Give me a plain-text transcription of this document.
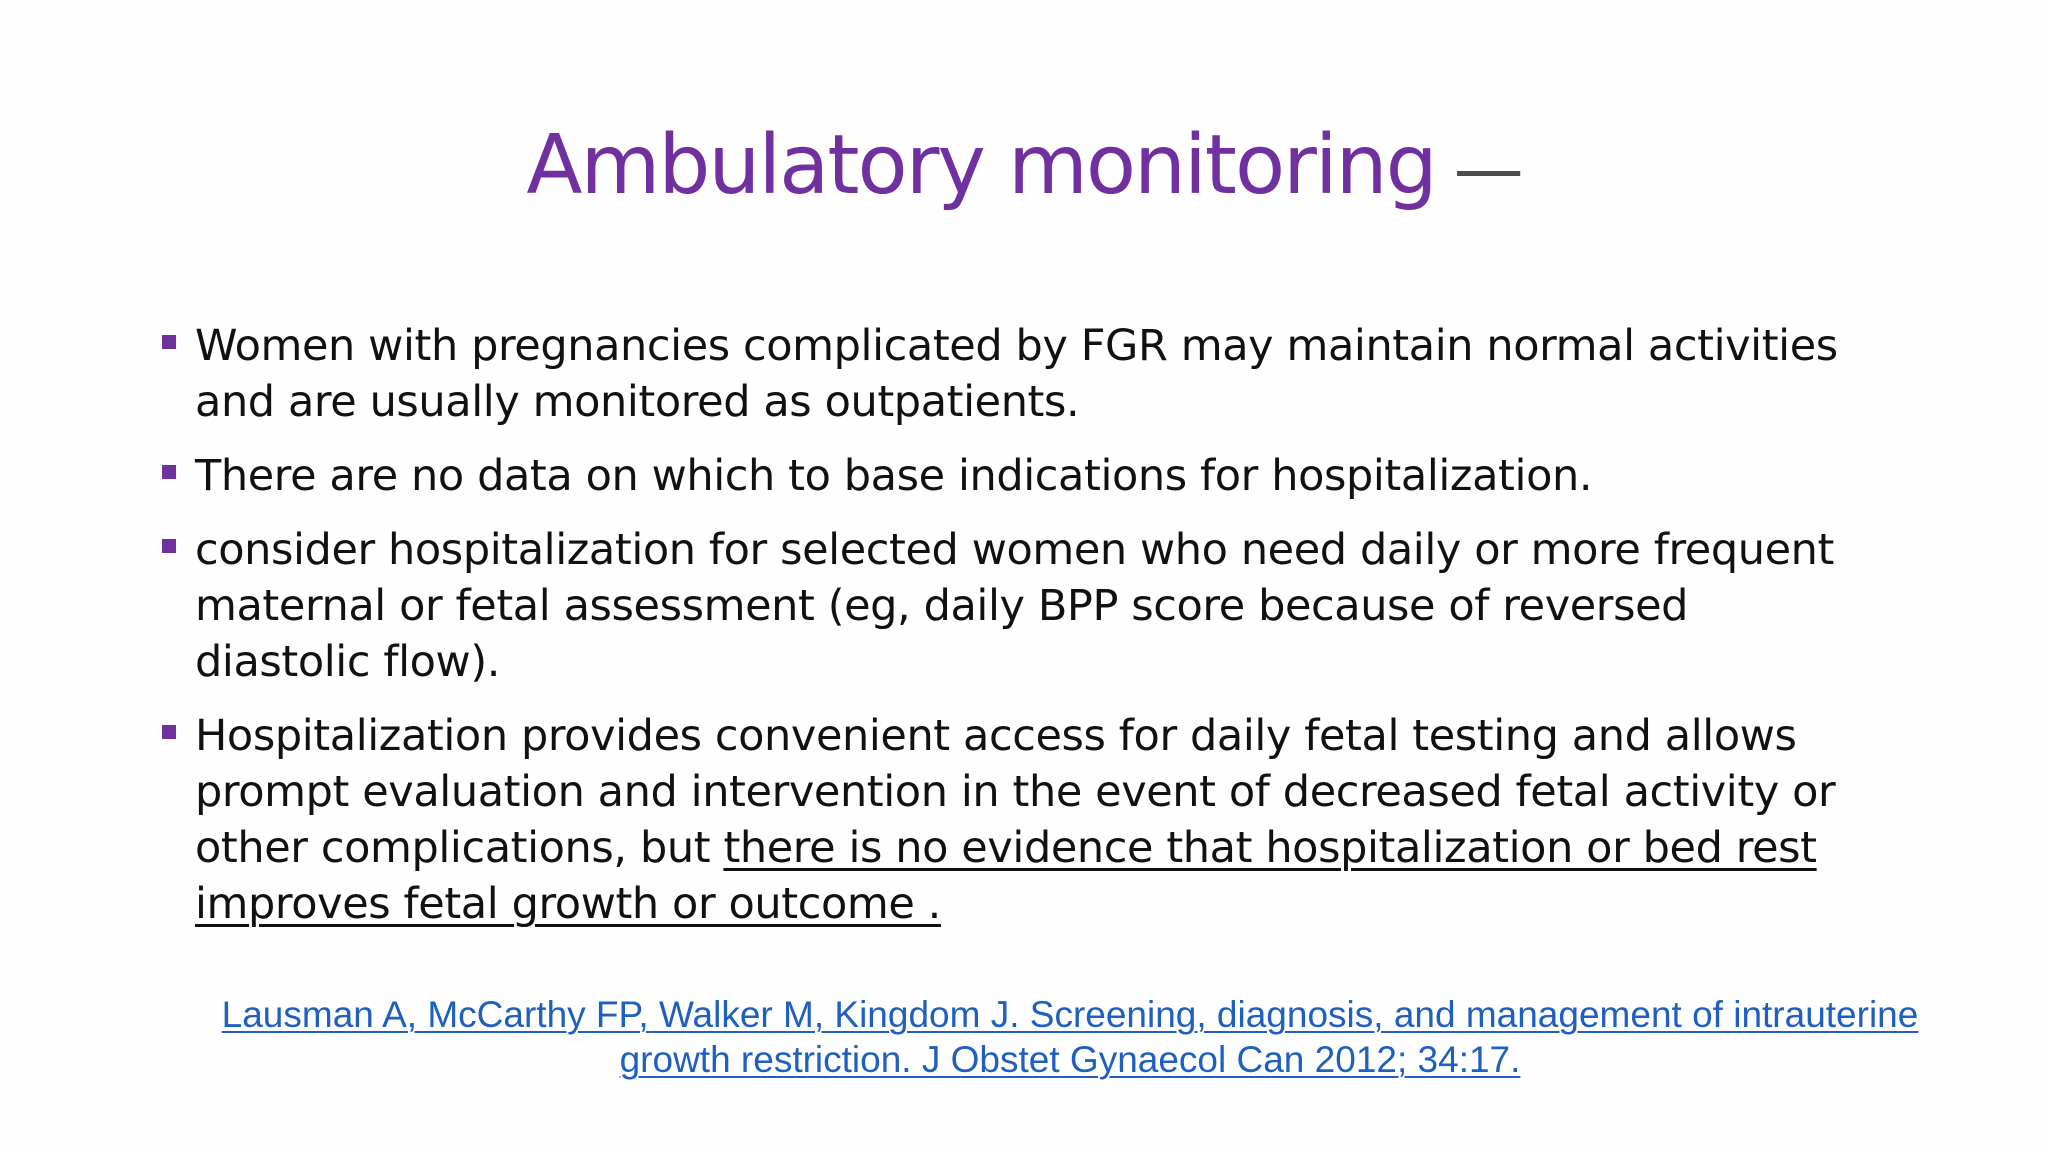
Ambulatory monitoring —
Women with pregnancies complicated by FGR may maintain normal activities and are usually monitored as outpatients.
There are no data on which to base indications for hospitalization.
consider hospitalization for selected women who need daily or more frequent maternal or fetal assessment (eg, daily BPP score because of reversed diastolic flow).
Hospitalization provides convenient access for daily fetal testing and allows prompt evaluation and intervention in the event of decreased fetal activity or other complications, but there is no evidence that hospitalization or bed rest improves fetal growth or outcome .
Lausman A, McCarthy FP, Walker M, Kingdom J. Screening, diagnosis, and management of intrauterine
growth restriction. J Obstet Gynaecol Can 2012; 34:17.
